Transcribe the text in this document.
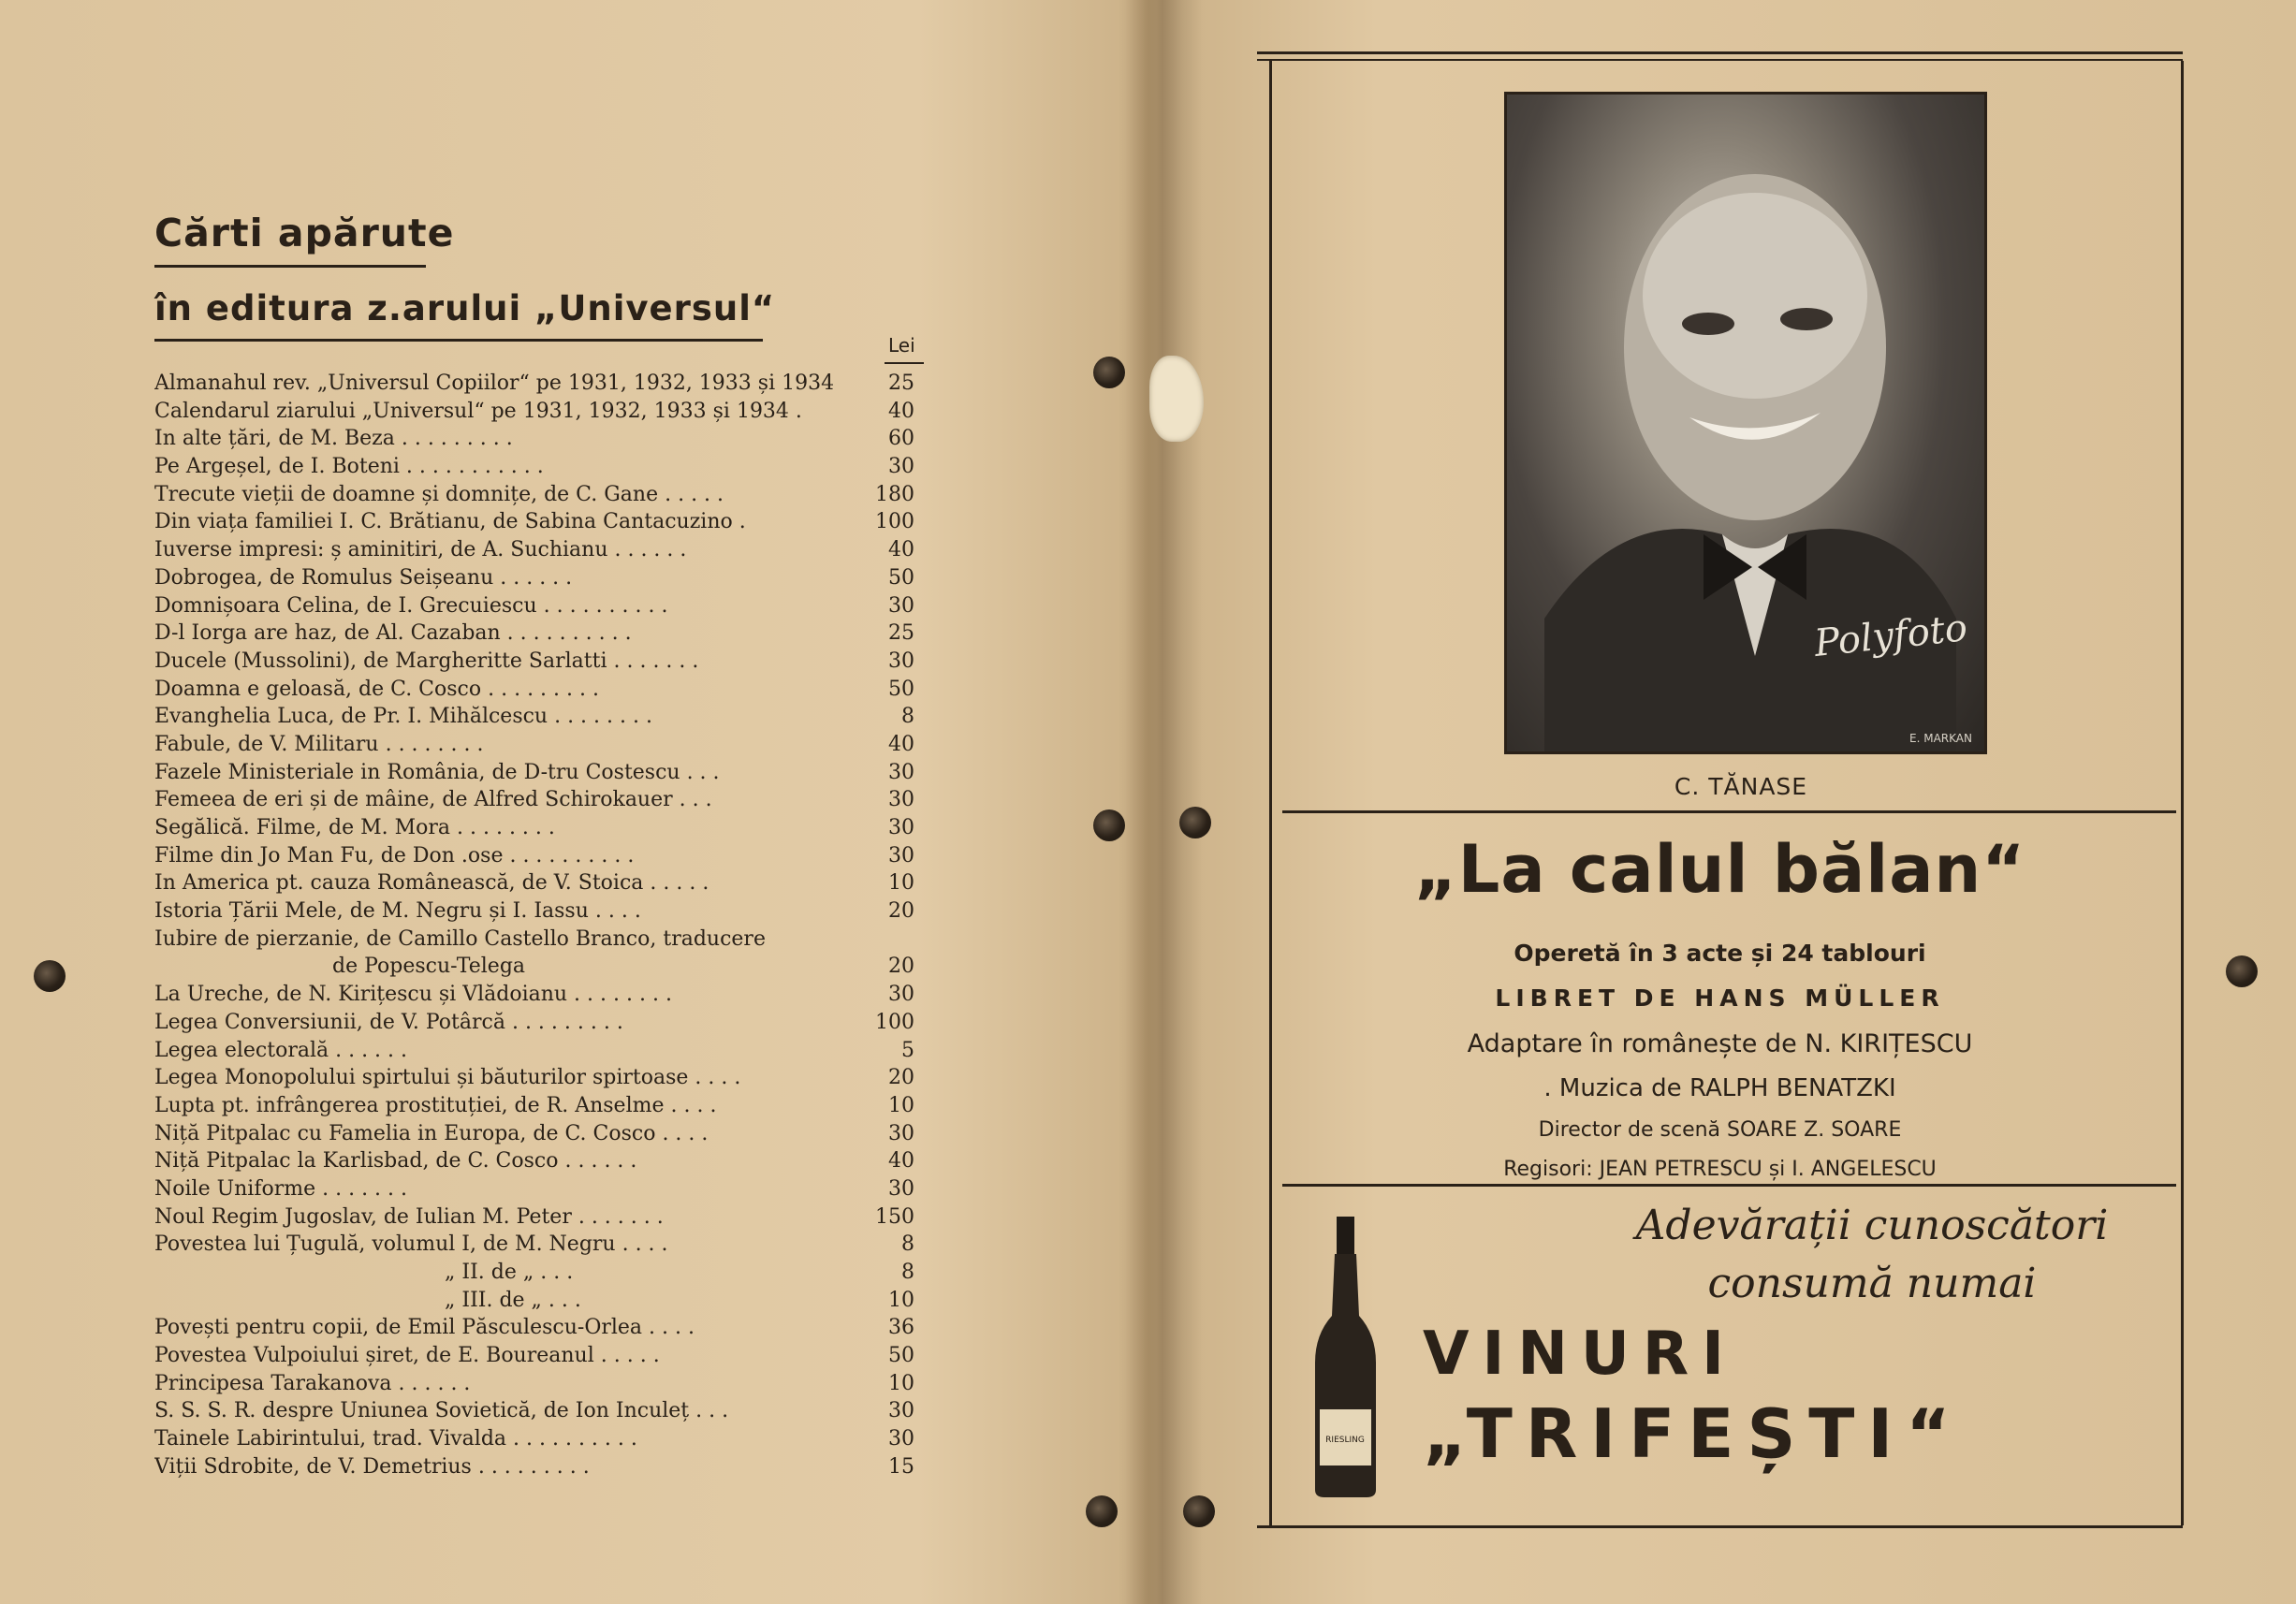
Cărti apărute
în editura z.arului „Universul“
Lei
Almanahul rev. „Universul Copiilor“ pe 1931, 1932, 1933 și 1934	25
Calendarul ziarului „Universul“ pe 1931, 1932, 1933 și 1934 .	40
In alte țări, de M. Beza . . . . . . . . .	60
Pe Argeșel, de I. Boteni . . . . . . . . . . .	30
Trecute vieții de doamne și domnițe, de C. Gane . . . . .	180
Din viața familiei I. C. Brătianu, de Sabina Cantacuzino .	100
Iuverse impresi: ș aminitiri, de A. Suchianu . . . . . .	40
Dobrogea, de Romulus Seișeanu . . . . . .	50
Domnișoara Celina, de I. Grecuiescu . . . . . . . . . .	30
D-l Iorga are haz, de Al. Cazaban . . . . . . . . . .	25
Ducele (Mussolini), de Margheritte Sarlatti . . . . . . .	30
Doamna e geloasă, de C. Cosco . . . . . . . . .	50
Evanghelia Luca, de Pr. I. Mihălcescu . . . . . . . .	8
Fabule, de V. Militaru . . . . . . . .	40
Fazele Ministeriale in România, de D-tru Costescu . . .	30
Femeea de eri și de mâine, de Alfred Schirokauer . . .	30
Segălică. Filme, de M. Mora . . . . . . . .	30
Filme din Jo Man Fu, de Don .ose . . . . . . . . . .	30
In America pt. cauza Românească, de V. Stoica . . . . .	10
Istoria Țării Mele, de M. Negru și I. Iassu . . . .	20
Iubire de pierzanie, de Camillo Castello Branco, traducere
de Popescu-Telega	20
La Ureche, de N. Kirițescu și Vlădoianu . . . . . . . .	30
Legea Conversiunii, de V. Potârcă . . . . . . . . .	100
Legea electorală . . . . . .	5
Legea Monopolului spirtului și băuturilor spirtoase . . . .	20
Lupta pt. infrângerea prostituției, de R. Anselme . . . .	10
Niță Pitpalac cu Famelia in Europa, de C. Cosco . . . .	30
Niță Pitpalac la Karlisbad, de C. Cosco . . . . . .	40
Noile Uniforme . . . . . . .	30
Noul Regim Jugoslav, de Iulian M. Peter . . . . . . .	150
Povestea lui Țugulă, volumul I, de M. Negru . . . .	8
„ II. de „ . . .	8
„ III. de „ . . .	10
Povești pentru copii, de Emil Păsculescu-Orlea . . . .	36
Povestea Vulpoiului șiret, de E. Boureanul . . . . .	50
Principesa Tarakanova . . . . . .	10
S. S. S. R. despre Uniunea Sovietică, de Ion Inculeț . . .	30
Tainele Labirintului, trad. Vivalda . . . . . . . . . .	30
Viții Sdrobite, de V. Demetrius . . . . . . . . .	15
Polyfoto
E. MARKAN
C. TĂNASE
„La calul bălan“
Operetă în 3 acte și 24 tablouri
LIBRET DE HANS MÜLLER
Adaptare în românește de N. KIRIȚESCU
. Muzica de RALPH BENATZKI
Director de scenă SOARE Z. SOARE
Regisori: JEAN PETRESCU și I. ANGELESCU
RIESLING
Adevărații cunoscători
consumă numai
VINURI
„TRIFEȘTI“
